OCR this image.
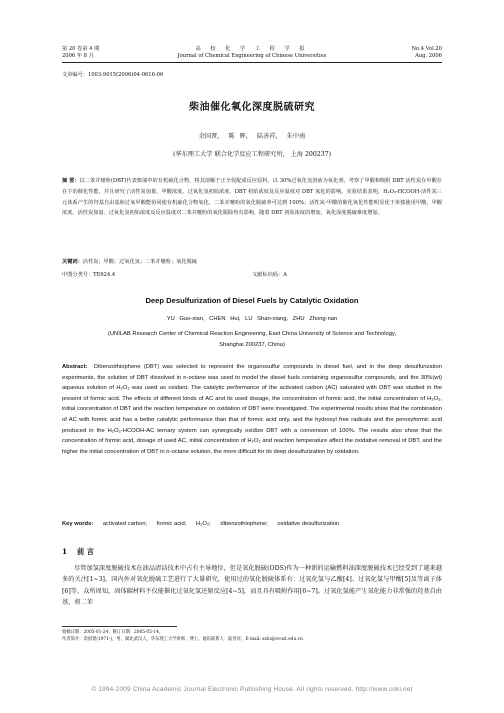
第 20 卷第 4 期
2006 年 8 月
高 校 化 学 工 程 学 报
Journal of Chemical Engineering of Chinese Universities
No.4 Vol.20
Aug. 2006
文章编号：1003-9015(2006)04-0616-06
柴油催化氧化深度脱硫研究
余国贤， 陈 晖， 陆善祥， 朱中南
(华东理工大学 联合化学反应工程研究所， 上海 200237)
摘 要：以二苯并噻吩(DBT)代表柴油中的有机硫化合物，将其溶解于正辛烷配成反应原料，以 30%过氧化氢溶液为氧化剂，考察了甲酸和吸附 DBT 活性炭在甲酸存在下的催化性能，并且研究了活性炭加量、甲酸浓度、过氧化氢初始浓度、DBT 初始浓度及反应温度对 DBT 氧化的影响。实验结果表明，H₂O₂-HCOOH-活性炭三元体系产生的羟基自由基和过氧甲酸能协同使有机硫化合物氧化，二苯并噻吩的氧化脱硫率可达到 100%；活性炭-甲酸的催化氧化性能明显优于单独使用甲酸，甲酸浓度、活性炭加量、过氧化氢初始浓度及反应温度对二苯并噻吩的氧化脱除均有影响，随着 DBT 初始浓度的增加，氧化深度脱硫难度增加。
关键词：活性炭；甲酸；过氧化氢；二苯并噻吩；氧化脱硫
中图分类号：TE624.4	文献标识码：A
Deep Desulfurization of Diesel Fuels by Catalytic Oxidation
YU Guo-xian, CHEN Hui, LU Shan-xiang, ZHU Zhong-nan
(UNILAB Research Center of Chemical Reaction Engineering, East China University of Science and Technology,
Shanghai 200237, China)
Abstract: Dibenzothiophene (DBT) was selected to represent the organosulfur compounds in diesel fuel, and in the deep desulfurization experiments, the solution of DBT dissolved in n-octane was used to model the diesel fuels containing organosulfur compounds, and the 30%(wt) aqueous solution of H₂O₂ was used as oxidant. The catalytic performance of the activated carbon (AC) saturated with DBT was studied in the present of formic acid. The effects of different kinds of AC and its used dosage, the concentration of formic acid, the initial concentration of H₂O₂, initial concentration of DBT and the reaction temperature on oxidation of DBT were investigated. The experimental results show that the combination of AC with formic acid has a better catalytic performance than that of formic acid only, and the hydroxyl free radicals and the peroxyformic acid produced in the H₂O₂-HCOOH-AC ternary system can synergically oxidize DBT with a conversion of 100%. The results also show that the concentration of formic acid, dosage of used AC, initial concentration of H₂O₂ and reaction temperature affect the oxidative removal of DBT, and the higher the initial concentration of DBT in n-octane solution, the more difficult for its deep desulfurization by oxidation.
Key words: activated carbon; formic acid; H₂O₂; dibenzothiophene; oxidative desulfurization
1 前 言
尽管加氢深度脱硫技术在油品清洁技术中占有主导地位，但是氧化脱硫(ODS)作为一种新的运输燃料油深度脱硫技术已经受到了越来越多的关注[1~3]。国内外对氧化脱硫工艺进行了大量研究，使用过的氧化脱硫体系有：过氧化氢与乙酸[4]、过氧化氢与甲酸[5]及等离子体[6]等。众所周知，固体碳材料不仅能催化过氧化氢还原反应[4~5]，而且具有吸附作用[6~7]。过氧化氢能产生氧化能力非常强的羟基自由基，将二苯
收稿日期：2005-01-24；修订日期：2005-05-14。
作者简介：余国贤(1971-)，男，湖北武汉人，华东理工大学讲师，博士。通讯联系人：陆善祥，E-mail: sxlu@ecust.edu.cn
© 1994-2009 China Academic Journal Electronic Publishing House. All rights reserved. http://www.cnki.net
